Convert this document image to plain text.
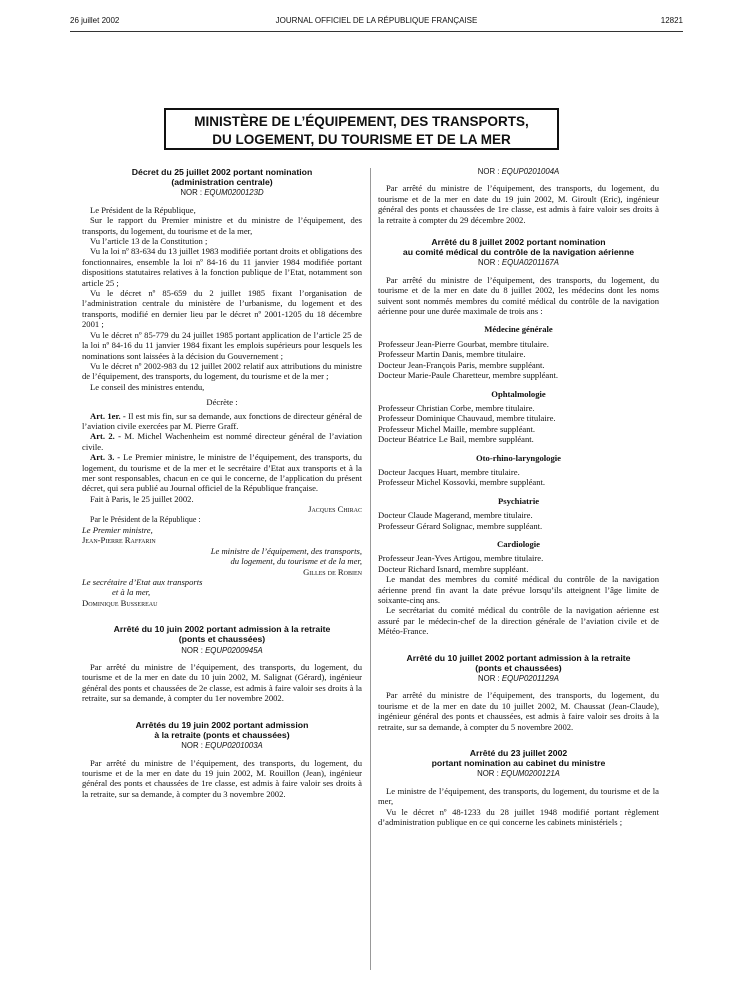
26 juillet 2002	JOURNAL OFFICIEL DE LA RÉPUBLIQUE FRANÇAISE	12821
MINISTÈRE DE L’ÉQUIPEMENT, DES TRANSPORTS,
DU LOGEMENT, DU TOURISME ET DE LA MER
Décret du 25 juillet 2002 portant nomination
(administration centrale)
NOR : EQUM0200123D

Le Président de la République,

Sur le rapport du Premier ministre et du ministre de l’équipement, des transports, du logement, du tourisme et de la mer,

Vu l’article 13 de la Constitution ;

Vu la loi nº 83-634 du 13 juillet 1983 modifiée portant droits et obligations des fonctionnaires, ensemble la loi nº 84-16 du 11 janvier 1984 modifiée portant dispositions statutaires relatives à la fonction publique de l’Etat, notamment son article 25 ;

Vu le décret nº 85-659 du 2 juillet 1985 fixant l’organisation de l’administration centrale du ministère de l’urbanisme, du logement et des transports, modifié en dernier lieu par le décret nº 2001-1205 du 18 décembre 2001 ;

Vu le décret nº 85-779 du 24 juillet 1985 portant application de l’article 25 de la loi nº 84-16 du 11 janvier 1984 fixant les emplois supérieurs pour lesquels les nominations sont laissées à la décision du Gouvernement ;

Vu le décret nº 2002-983 du 12 juillet 2002 relatif aux attributions du ministre de l’équipement, des transports, du logement, du tourisme et de la mer ;

Le conseil des ministres entendu,

Décrète :

Art. 1er. - Il est mis fin, sur sa demande, aux fonctions de directeur général de l’aviation civile exercées par M. Pierre Graff.

Art. 2. - M. Michel Wachenheim est nommé directeur général de l’aviation civile.

Art. 3. - Le Premier ministre, le ministre de l’équipement, des transports, du logement, du tourisme et de la mer et le secrétaire d’Etat aux transports et à la mer sont responsables, chacun en ce qui le concerne, de l’application du présent décret, qui sera publié au Journal officiel de la République française.

Fait à Paris, le 25 juillet 2002.

Jacques Chirac

Par le Président de la République :

Le Premier ministre,

Jean-Pierre Raffarin

Le ministre de l’équipement, des transports,

du logement, du tourisme et de la mer,

Gilles de Robien

Le secrétaire d’Etat aux transports

et à la mer,

Dominique Bussereau

Arrêté du 10 juin 2002 portant admission à la retraite
(ponts et chaussées)
NOR : EQUP0200945A

Par arrêté du ministre de l’équipement, des transports, du logement, du tourisme et de la mer en date du 10 juin 2002, M. Salignat (Gérard), ingénieur général des ponts et chaussées de 2e classe, est admis à faire valoir ses droits à la retraite, sur sa demande, à compter du 1er novembre 2002.

Arrêtés du 19 juin 2002 portant admission
à la retraite (ponts et chaussées)
NOR : EQUP0201003A

Par arrêté du ministre de l’équipement, des transports, du logement, du tourisme et de la mer en date du 19 juin 2002, M. Rouillon (Jean), ingénieur général des ponts et chaussées de 1re classe, est admis à faire valoir ses droits à la retraite, sur sa demande, à compter du 3 novembre 2002.

NOR : EQUP0201004A

Par arrêté du ministre de l’équipement, des transports, du logement, du tourisme et de la mer en date du 19 juin 2002, M. Giroult (Eric), ingénieur général des ponts et chaussées de 1re classe, est admis à faire valoir ses droits à la retraite à compter du 29 décembre 2002.

Arrêté du 8 juillet 2002 portant nomination
au comité médical du contrôle de la navigation aérienne
NOR : EQUA0201167A

Par arrêté du ministre de l’équipement, des transports, du logement, du tourisme et de la mer en date du 8 juillet 2002, les médecins dont les noms suivent sont nommés membres du comité médical du contrôle de la navigation aérienne pour une durée maximale de trois ans :

Médecine générale

Professeur Jean-Pierre Gourbat, membre titulaire.

Professeur Martin Danis, membre titulaire.

Docteur Jean-François Paris, membre suppléant.

Docteur Marie-Paule Charetteur, membre suppléant.

Ophtalmologie

Professeur Christian Corbe, membre titulaire.

Professeur Dominique Chauvaud, membre titulaire.

Professeur Michel Maille, membre suppléant.

Docteur Béatrice Le Bail, membre suppléant.

Oto-rhino-laryngologie

Docteur Jacques Huart, membre titulaire.

Professeur Michel Kossovki, membre suppléant.

Psychiatrie

Docteur Claude Magerand, membre titulaire.

Professeur Gérard Solignac, membre suppléant.

Cardiologie

Professeur Jean-Yves Artigou, membre titulaire.

Docteur Richard Isnard, membre suppléant.

Le mandat des membres du comité médical du contrôle de la navigation aérienne prend fin avant la date prévue lorsqu’ils atteignent l’âge limite de soixante-cinq ans.

Le secrétariat du comité médical du contrôle de la navigation aérienne est assuré par le médecin-chef de la direction générale de l’aviation civile et de Météo-France.

Arrêté du 10 juillet 2002 portant admission à la retraite
(ponts et chaussées)
NOR : EQUP0201129A

Par arrêté du ministre de l’équipement, des transports, du logement, du tourisme et de la mer en date du 10 juillet 2002, M. Chaussat (Jean-Claude), ingénieur général des ponts et chaussées, est admis à faire valoir ses droits à la retraite, sur sa demande, à compter du 5 novembre 2002.

Arrêté du 23 juillet 2002
portant nomination au cabinet du ministre
NOR : EQUM0200121A

Le ministre de l’équipement, des transports, du logement, du tourisme et de la mer,

Vu le décret nº 48-1233 du 28 juillet 1948 modifié portant règlement d’administration publique en ce qui concerne les cabinets ministériels ;
